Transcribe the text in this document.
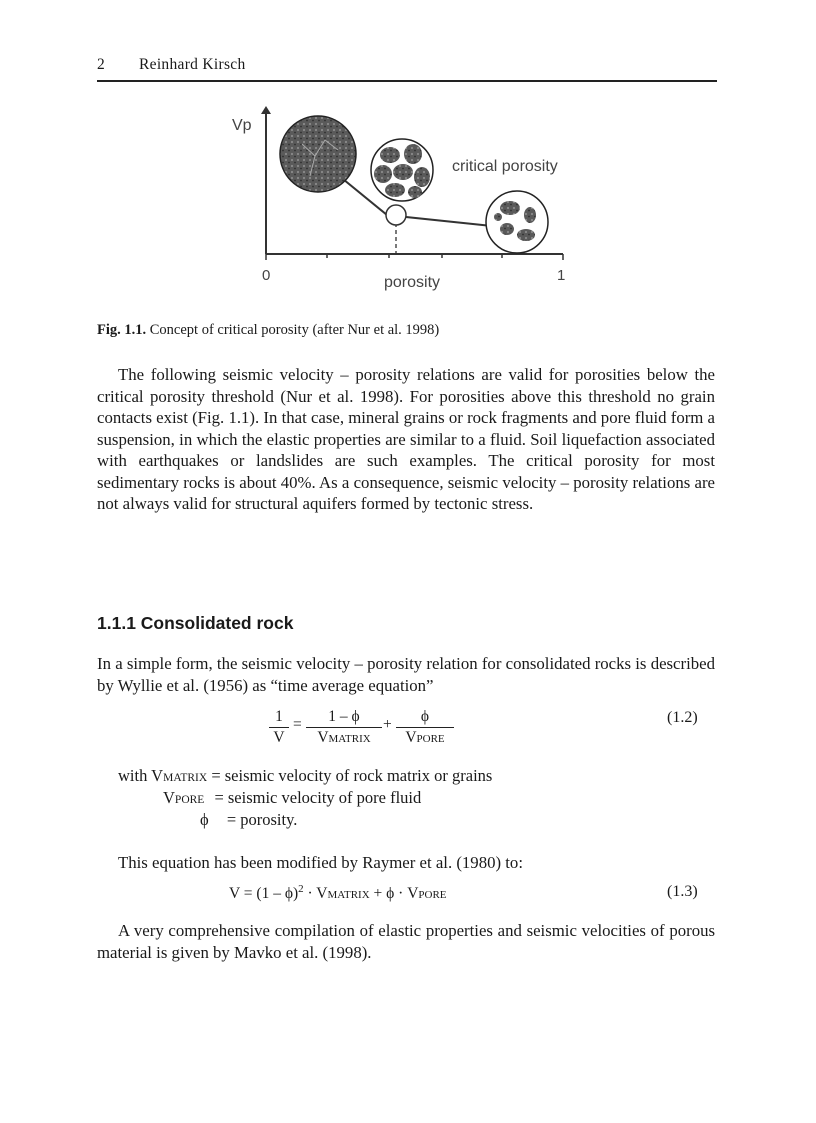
2 Reinhard Kirsch
Vp
critical porosity
porosity
0	1
Fig. 1.1. Concept of critical porosity (after Nur et al. 1998)

The following seismic velocity – porosity relations are valid for porosities below the critical porosity threshold (Nur et al. 1998). For porosities above this threshold no grain contacts exist (Fig. 1.1). In that case, mineral grains or rock fragments and pore fluid form a suspension, in which the elastic properties are similar to a fluid. Soil liquefaction associated with earthquakes or landslides are such examples. The critical porosity for most sedimentary rocks is about 40%. As a consequence, seismic velocity – porosity relations are not always valid for structural aquifers formed by tectonic stress.

1.1.1 Consolidated rock

In a simple form, the seismic velocity – porosity relation for consolidated rocks is described by Wyllie et al. (1956) as “time average equation”

1
V
=	1 – ϕ
VMATRIX
+	ϕ
VPORE
(1.2)
with VMATRIX = seismic velocity of rock matrix or grains
VPORE = seismic velocity of pore fluid
ϕ = porosity.

This equation has been modified by Raymer et al. (1980) to:

V = (1 – ϕ)$^2$ · VMATRIX + ϕ · VPORE	(1.3)

A very comprehensive compilation of elastic properties and seismic velocities of porous material is given by Mavko et al. (1998).
